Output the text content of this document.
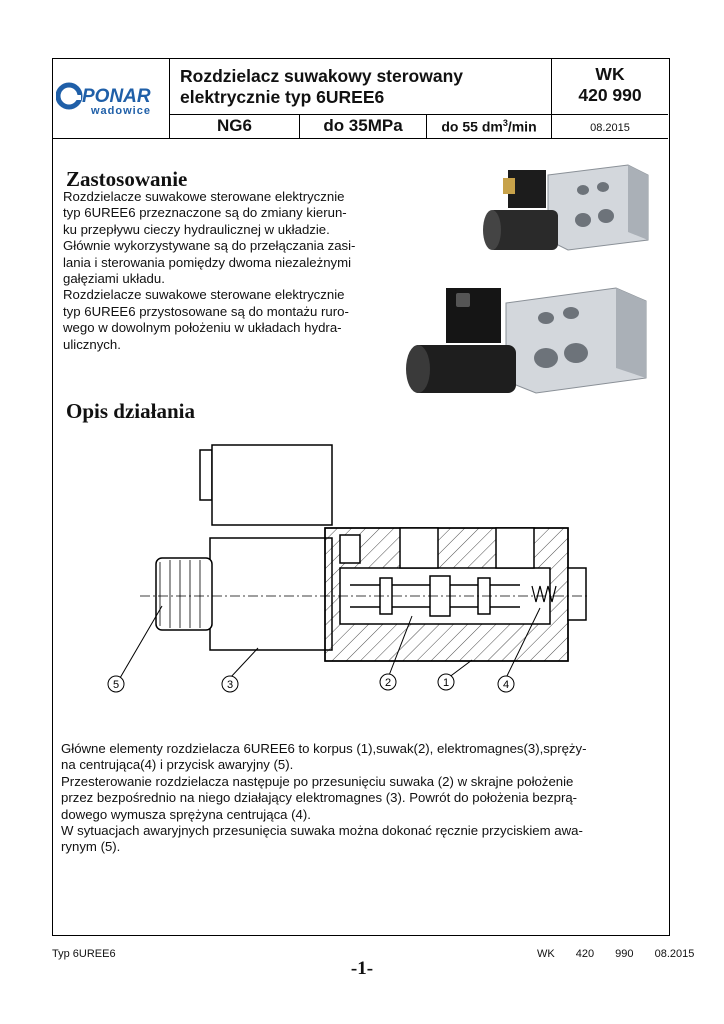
PONAR
wadowice
Rozdzielacz suwakowy sterowany
elektrycznie typ 6UREE6
WK
420 990
NG6	do 35MPa	do 55 $dm^3/\min$	08.2015
Zastosowanie
Rozdzielacze suwakowe sterowane elektrycznie
typ 6UREE6 przeznaczone są do zmiany kierun-
ku przepływu cieczy hydraulicznej w układzie.
Głównie wykorzystywane są do przełączania zasi-
lania i sterowania pomiędzy dwoma niezależnymi
gałęziami układu.
Rozdzielacze suwakowe sterowane elektrycznie
typ 6UREE6 przystosowane są do montażu ruro-
wego w dowolnym położeniu w układach hydra-
ulicznych.
Opis działania
5	3	2	1	4
Główne elementy rozdzielacza 6UREE6 to korpus (1),suwak(2), elektromagnes(3),spręży-
na centrująca(4) i przycisk awaryjny (5).
Przesterowanie rozdzielacza następuje po przesunięciu suwaka (2) w skrajne położenie
przez bezpośrednio na niego działający elektromagnes (3). Powrót do położenia bezprą-
dowego wymusza sprężyna centrująca (4).
W sytuacjach awaryjnych przesunięcia suwaka można dokonać ręcznie przyciskiem awa-
rynym (5).
Typ 6UREE6	WK 420 990 08.2015
-1-
